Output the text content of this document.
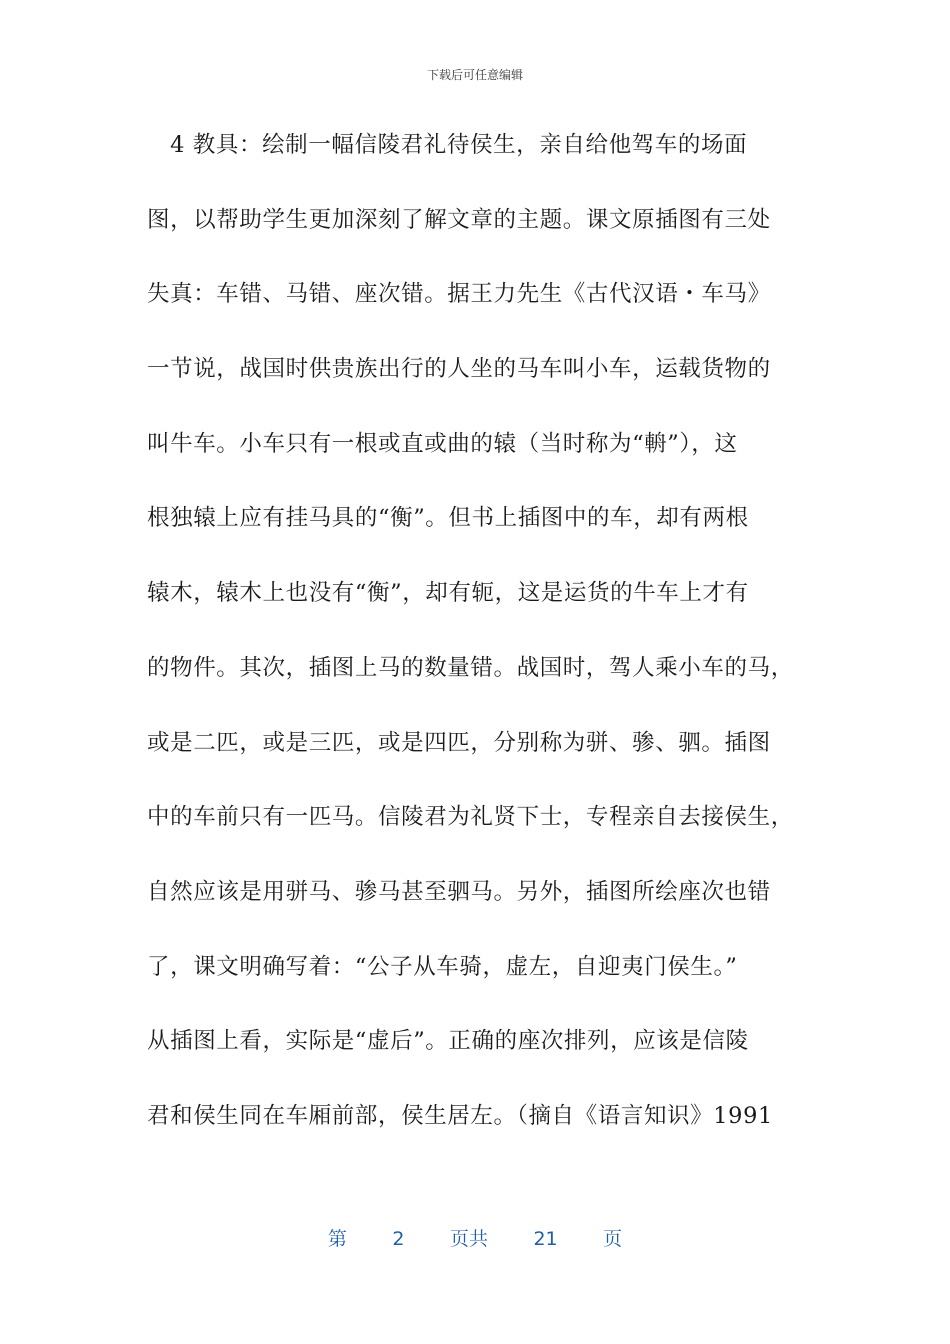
下载后可任意编辑
　4 教具：绘制一幅信陵君礼待侯生，亲自给他驾车的场面
图，以帮助学生更加深刻了解文章的主题。课文原插图有三处
失真：车错、马错、座次错。据王力先生《古代汉语・车马》
一节说，战国时供贵族出行的人坐的马车叫小车，运载货物的
叫牛车。小车只有一根或直或曲的辕（当时称为“輈”），这
根独辕上应有挂马具的“衡”。但书上插图中的车，却有两根
辕木，辕木上也没有“衡”，却有轭，这是运货的牛车上才有
的物件。其次，插图上马的数量错。战国时，驾人乘小车的马，
或是二匹，或是三匹，或是四匹，分别称为骈、骖、驷。插图
中的车前只有一匹马。信陵君为礼贤下士，专程亲自去接侯生，
自然应该是用骈马、骖马甚至驷马。另外，插图所绘座次也错
了，课文明确写着：“公子从车骑，虚左，自迎夷门侯生。”
从插图上看，实际是“虚后”。正确的座次排列，应该是信陵
君和侯生同在车厢前部，侯生居左。（摘自《语言知识》1991
第 2 页共 21 页
